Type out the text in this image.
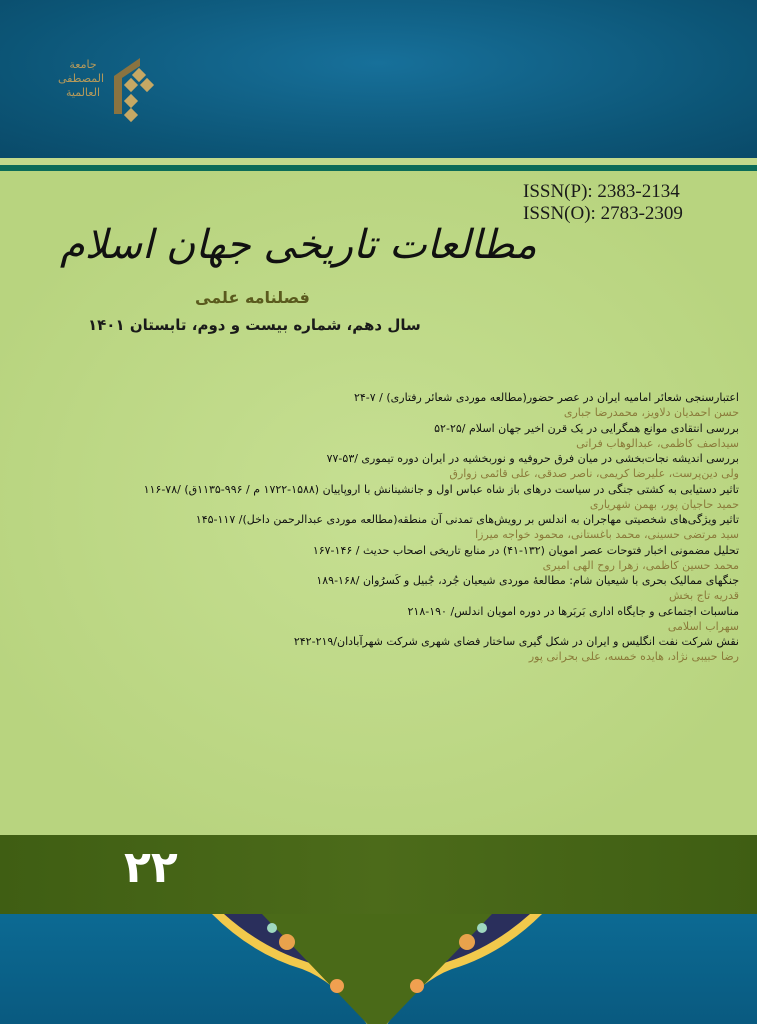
جامعة المصطفى العالمية
ISSN(P): 2383-2134
ISSN(O): 2783-2309
مطالعات تاریخی جهان اسلام
فصلنامه علمی
سال دهم، شماره بیست و دوم، تابستان ۱۴۰۱
اعتبارسنجی شعائر امامیه ایران در عصر حضور(مطالعه موردی شعائر رفتاری) / ۷-۲۴
حسن احمدیان دلاویز، محمدرضا جباری
بررسی انتقادی موانع همگرایی در یک قرن اخیر جهان اسلام /۲۵-۵۲
سیداصف کاظمی، عبدالوهاب فراتی
بررسی اندیشه نجات‌بخشی در میان فرق حروفیه و نوربخشیه در ایران دوره تیموری /۵۳-۷۷
ولی دین‌پرست، علیرضا کریمی، ناصر صدقی، علی قائمی زوارق
تاثیر دستیابی به کشتی جنگی در سیاست درهای باز شاه عباس اول و جانشینانش با اروپاییان (۱۵۸۸-۱۷۲۲ م / ۹۹۶-۱۱۳۵ق) /۷۸-۱۱۶
حمید حاجیان پور، بهمن شهریاری
تاثیر ویژگی‌های شخصیتی مهاجران به اندلس بر رویش‌های تمدنی آن منطقه(مطالعه موردی عبدالرحمن داخل)/ ۱۱۷-۱۴۵
سید مرتضی حسینی، محمد باغستانی، محمود خواجه میرزا
تحلیل مضمونی اخبار فتوحات عصر امویان (۱۳۲-۴۱) در منابع تاریخی اصحاب حدیث / ۱۴۶-۱۶۷
محمد حسین کاظمی، زهرا روح الهی امیری
جنگهای ممالیک بحری با شیعیان شام: مطالعهٔ موردی شیعیان جُرد، جُبیل و کَسرُوان /۱۶۸-۱۸۹
قدریه تاج بخش
مناسبات اجتماعی و جایگاه اداری بَربَرها در دوره امویان اندلس/ ۱۹۰-۲۱۸
سهراب اسلامی
نقش شرکت نفت انگلیس و ایران در شکل گیری ساختار فضای شهری شرکت شهرآبادان/۲۱۹-۲۴۲
رضا حبیبی نژاد، هایده خمسه، علی بحرانی پور
۲۲
